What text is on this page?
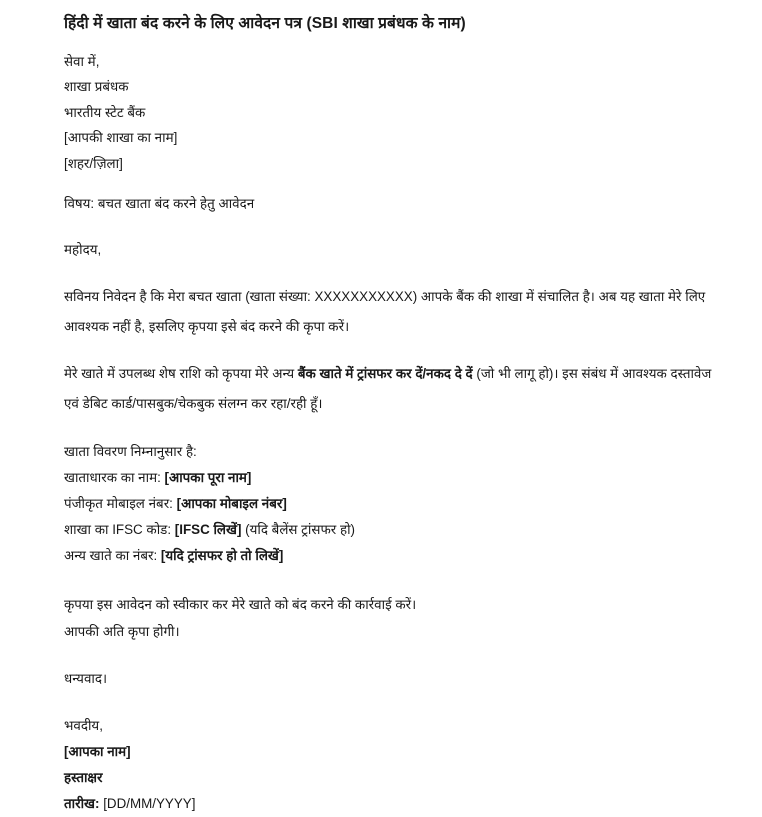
हिंदी में खाता बंद करने के लिए आवेदन पत्र (SBI शाखा प्रबंधक के नाम)

सेवा में,

शाखा प्रबंधक

भारतीय स्टेट बैंक

[आपकी शाखा का नाम]

[शहर/ज़िला]

विषय: बचत खाता बंद करने हेतु आवेदन

महोदय,

सविनय निवेदन है कि मेरा बचत खाता (खाता संख्या: XXXXXXXXXXX) आपके बैंक की शाखा में संचालित है। अब यह खाता मेरे लिए आवश्यक नहीं है, इसलिए कृपया इसे बंद करने की कृपा करें।

मेरे खाते में उपलब्ध शेष राशि को कृपया मेरे अन्य बैंक खाते में ट्रांसफर कर दें/नकद दे दें (जो भी लागू हो)। इस संबंध में आवश्यक दस्तावेज एवं डेबिट कार्ड/पासबुक/चेकबुक संलग्न कर रहा/रही हूँ।

खाता विवरण निम्नानुसार है:

खाताधारक का नाम: [आपका पूरा नाम]

पंजीकृत मोबाइल नंबर: [आपका मोबाइल नंबर]

शाखा का IFSC कोड: [IFSC लिखें] (यदि बैलेंस ट्रांसफर हो)

अन्य खाते का नंबर: [यदि ट्रांसफर हो तो लिखें]

कृपया इस आवेदन को स्वीकार कर मेरे खाते को बंद करने की कार्रवाई करें।

आपकी अति कृपा होगी।

धन्यवाद।

भवदीय,

[आपका नाम]

हस्ताक्षर

तारीख: [DD/MM/YYYY]
